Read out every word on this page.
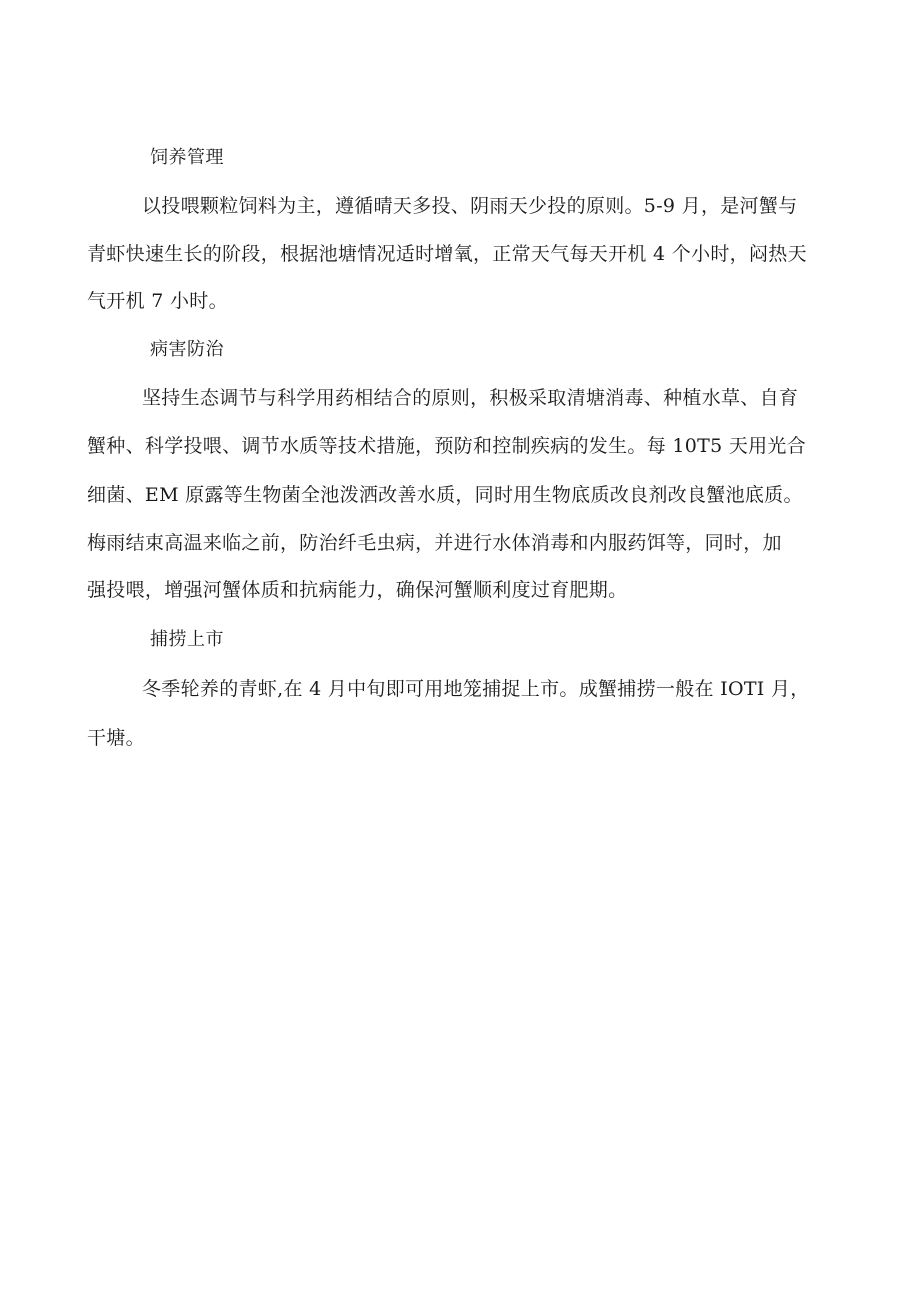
饲养管理
以投喂颗粒饲料为主，遵循晴天多投、阴雨天少投的原则。5-9 月，是河蟹与
青虾快速生长的阶段，根据池塘情况适时增氧，正常天气每天开机 4 个小时，闷热天
气开机 7 小时。
病害防治
坚持生态调节与科学用药相结合的原则，积极采取清塘消毒、种植水草、自育
蟹种、科学投喂、调节水质等技术措施，预防和控制疾病的发生。每 10T5 天用光合
细菌、EM 原露等生物菌全池泼洒改善水质，同时用生物底质改良剂改良蟹池底质。
梅雨结束高温来临之前，防治纤毛虫病，并进行水体消毒和内服药饵等，同时，加
强投喂，增强河蟹体质和抗病能力，确保河蟹顺利度过育肥期。
捕捞上市
冬季轮养的青虾,在 4 月中旬即可用地笼捕捉上市。成蟹捕捞一般在 IOTI 月，
干塘。
